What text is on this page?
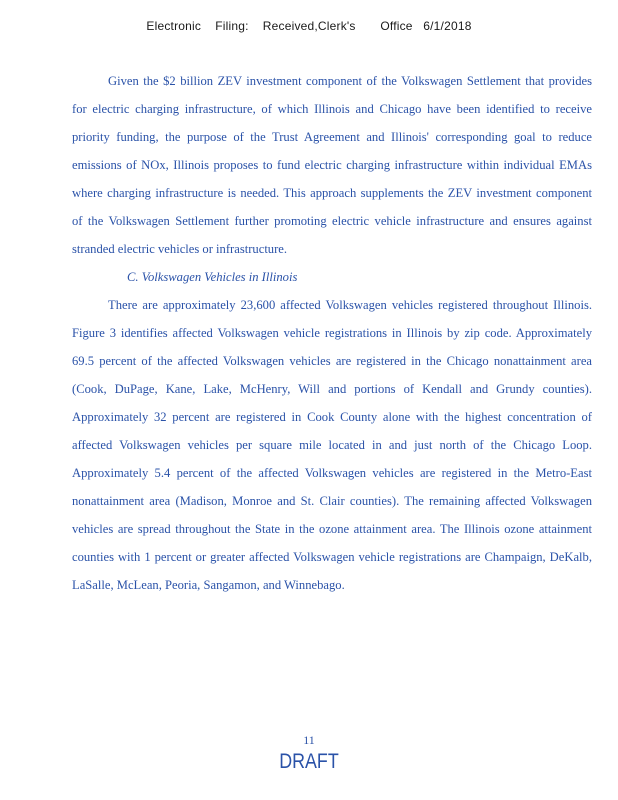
Electronic    Filing:    Received,Clerk's       Office   6/1/2018

Given the $2 billion ZEV investment component of the Volkswagen Settlement that provides for electric charging infrastructure, of which Illinois and Chicago have been identified to receive priority funding, the purpose of the Trust Agreement and Illinois' corresponding goal to reduce emissions of NOx, Illinois proposes to fund electric charging infrastructure within individual EMAs where charging infrastructure is needed. This approach supplements the ZEV investment component of the Volkswagen Settlement further promoting electric vehicle infrastructure and ensures against stranded electric vehicles or infrastructure.

C. Volkswagen Vehicles in Illinois

There are approximately 23,600 affected Volkswagen vehicles registered throughout Illinois. Figure 3 identifies affected Volkswagen vehicle registrations in Illinois by zip code. Approximately 69.5 percent of the affected Volkswagen vehicles are registered in the Chicago nonattainment area (Cook, DuPage, Kane, Lake, McHenry, Will and portions of Kendall and Grundy counties). Approximately 32 percent are registered in Cook County alone with the highest concentration of affected Volkswagen vehicles per square mile located in and just north of the Chicago Loop. Approximately 5.4 percent of the affected Volkswagen vehicles are registered in the Metro-East nonattainment area (Madison, Monroe and St. Clair counties). The remaining affected Volkswagen vehicles are spread throughout the State in the ozone attainment area. The Illinois ozone attainment counties with 1 percent or greater affected Volkswagen vehicle registrations are Champaign, DeKalb, LaSalle, McLean, Peoria, Sangamon, and Winnebago.

11
DRAFT
